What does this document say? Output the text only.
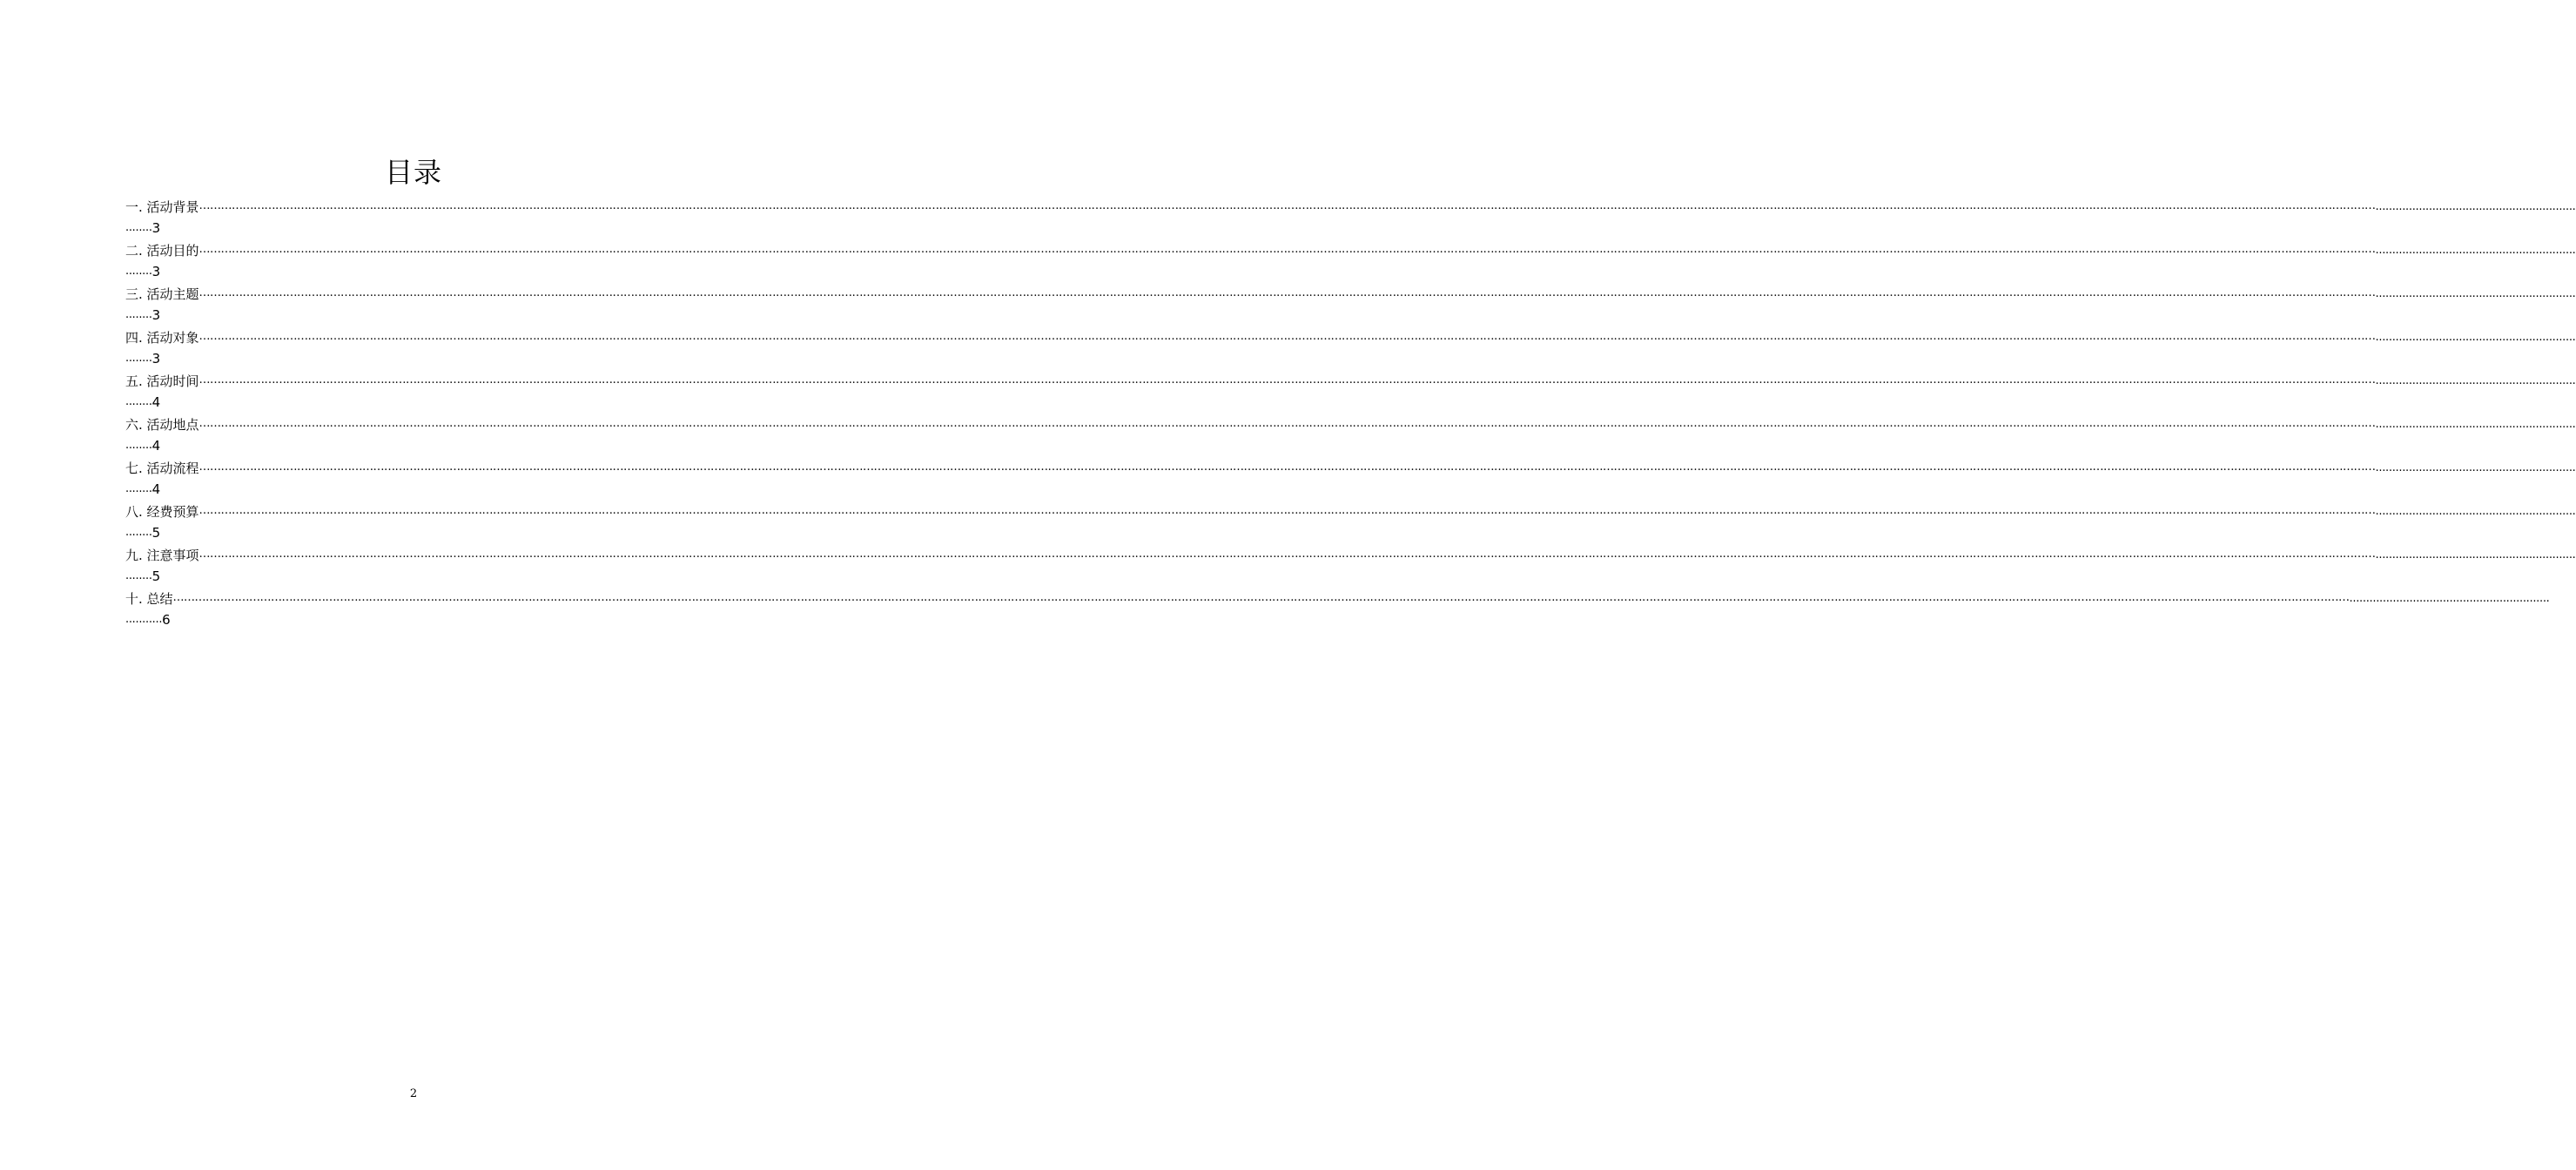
目录
一. 活动背景 …………………………………………………………………………………………………………………………………………………………………………………………………………………………………………………………………………………………………………………………………………………………………………………………………………………………………………………………………………………………………………………………………………………… ............................................................
........ 3
二. 活动目的 …………………………………………………………………………………………………………………………………………………………………………………………………………………………………………………………………………………………………………………………………………………………………………………………………………………………………………………………………………………………………………………………………………………… ............................................................
........ 3
三. 活动主题 …………………………………………………………………………………………………………………………………………………………………………………………………………………………………………………………………………………………………………………………………………………………………………………………………………………………………………………………………………………………………………………………………………………… ............................................................
........ 3
四. 活动对象 …………………………………………………………………………………………………………………………………………………………………………………………………………………………………………………………………………………………………………………………………………………………………………………………………………………………………………………………………………………………………………………………………………………… ............................................................
........ 3
五. 活动时间 …………………………………………………………………………………………………………………………………………………………………………………………………………………………………………………………………………………………………………………………………………………………………………………………………………………………………………………………………………………………………………………………………………………… ............................................................
........ 4
六. 活动地点 …………………………………………………………………………………………………………………………………………………………………………………………………………………………………………………………………………………………………………………………………………………………………………………………………………………………………………………………………………………………………………………………………………………… ............................................................
........ 4
七. 活动流程 …………………………………………………………………………………………………………………………………………………………………………………………………………………………………………………………………………………………………………………………………………………………………………………………………………………………………………………………………………………………………………………………………………………… ............................................................
........ 4
八. 经费预算 …………………………………………………………………………………………………………………………………………………………………………………………………………………………………………………………………………………………………………………………………………………………………………………………………………………………………………………………………………………………………………………………………………………… ............................................................
........ 5
九. 注意事项 …………………………………………………………………………………………………………………………………………………………………………………………………………………………………………………………………………………………………………………………………………………………………………………………………………………………………………………………………………………………………………………………………………………… ............................................................
........ 5
十. 总结 …………………………………………………………………………………………………………………………………………………………………………………………………………………………………………………………………………………………………………………………………………………………………………………………………………………………………………………………………………………………………………………………………………………… ............................................................
........... 6
2
